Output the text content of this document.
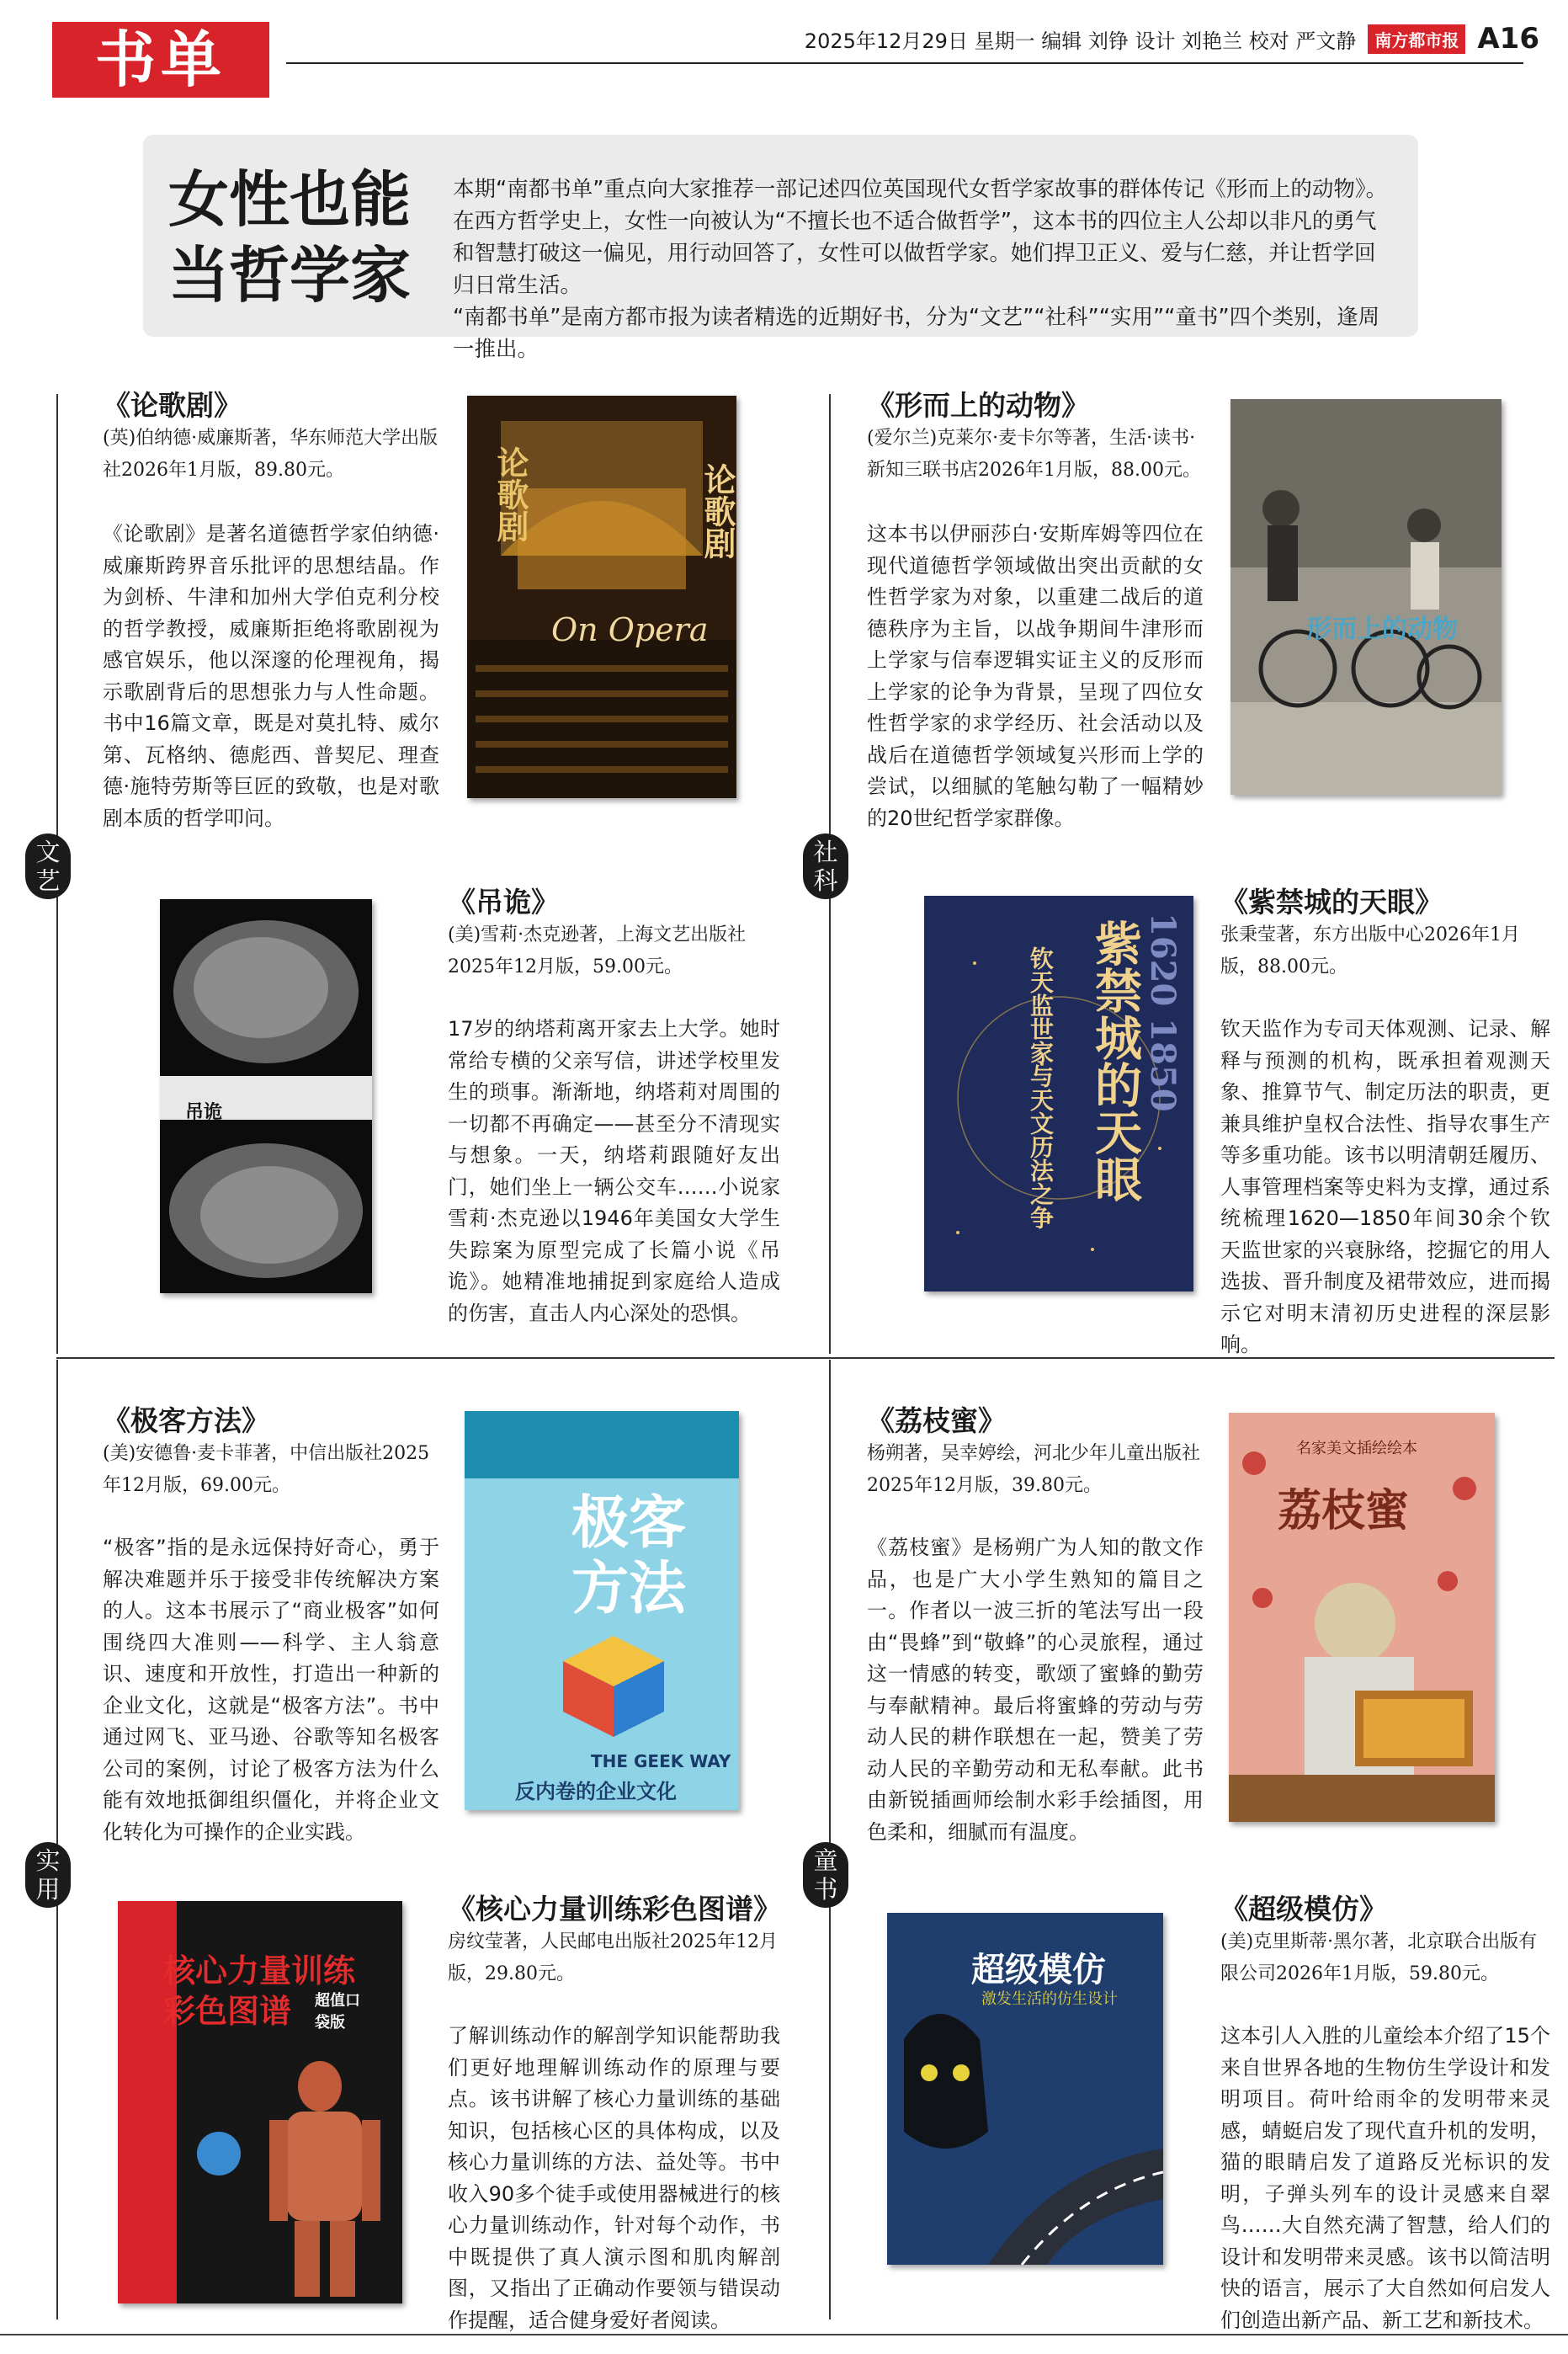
书单	2025年12月29日 星期一 编辑 刘铮 设计 刘艳兰 校对 严文静	南方都市报 A16
女性也能
当哲学家

本期“南都书单”重点向大家推荐一部记述四位英国现代女哲学家故事的群体传记《形而上的动物》。在西方哲学史上，女性一向被认为“不擅长也不适合做哲学”，这本书的四位主人公却以非凡的勇气和智慧打破这一偏见，用行动回答了，女性可以做哲学家。她们捍卫正义、爱与仁慈，并让哲学回归日常生活。

“南都书单”是南方都市报为读者精选的近期好书，分为“文艺”“社科”“实用”“童书”四个类别，逢周一推出。

文艺
社科
实用
童书
《论歌剧》
(英)伯纳德·威廉斯著，华东师范大学出版社2026年1月版，89.80元。

《论歌剧》是著名道德哲学家伯纳德·威廉斯跨界音乐批评的思想结晶。作为剑桥、牛津和加州大学伯克利分校的哲学教授，威廉斯拒绝将歌剧视为感官娱乐，他以深邃的伦理视角，揭示歌剧背后的思想张力与人性命题。书中16篇文章，既是对莫扎特、威尔第、瓦格纳、德彪西、普契尼、理查德·施特劳斯等巨匠的致敬，也是对歌剧本质的哲学叩问。

论歌剧	论歌剧
On Opera
《形而上的动物》
(爱尔兰)克莱尔·麦卡尔等著，生活·读书·新知三联书店2026年1月版，88.00元。

这本书以伊丽莎白·安斯库姆等四位在现代道德哲学领域做出突出贡献的女性哲学家为对象，以重建二战后的道德秩序为主旨，以战争期间牛津形而上学家与信奉逻辑实证主义的反形而上学家的论争为背景，呈现了四位女性哲学家的求学经历、社会活动以及战后在道德哲学领域复兴形而上学的尝试，以细腻的笔触勾勒了一幅精妙的20世纪哲学家群像。

形而上的动物
《吊诡》
(美)雪莉·杰克逊著，上海文艺出版社2025年12月版，59.00元。

17岁的纳塔莉离开家去上大学。她时常给专横的父亲写信，讲述学校里发生的琐事。渐渐地，纳塔莉对周围的一切都不再确定——甚至分不清现实与想象。一天，纳塔莉跟随好友出门，她们坐上一辆公交车……小说家雪莉·杰克逊以1946年美国女大学生失踪案为原型完成了长篇小说《吊诡》。她精准地捕捉到家庭给人造成的伤害，直击人内心深处的恐惧。

吊诡
《紫禁城的天眼》
张秉莹著，东方出版中心2026年1月版，88.00元。

钦天监作为专司天体观测、记录、解释与预测的机构，既承担着观测天象、推算节气、制定历法的职责，更兼具维护皇权合法性、指导农事生产等多重功能。该书以明清朝廷履历、人事管理档案等史料为支撑，通过系统梳理1620—1850年间30余个钦天监世家的兴衰脉络，挖掘它的用人选拔、晋升制度及裙带效应，进而揭示它对明末清初历史进程的深层影响。

紫禁城的天眼
钦天监世家与天文历法之争	1620 1850
《极客方法》
(美)安德鲁·麦卡菲著，中信出版社2025年12月版，69.00元。

“极客”指的是永远保持好奇心，勇于解决难题并乐于接受非传统解决方案的人。这本书展示了“商业极客”如何围绕四大准则——科学、主人翁意识、速度和开放性，打造出一种新的企业文化，这就是“极客方法”。书中通过网飞、亚马逊、谷歌等知名极客公司的案例，讨论了极客方法为什么能有效地抵御组织僵化，并将企业文化转化为可操作的企业实践。

极客方法
THE GEEK WAY
反内卷的企业文化
《荔枝蜜》
杨朔著，吴幸婷绘，河北少年儿童出版社2025年12月版，39.80元。

《荔枝蜜》是杨朔广为人知的散文作品，也是广大小学生熟知的篇目之一。作者以一波三折的笔法写出一段由“畏蜂”到“敬蜂”的心灵旅程，通过这一情感的转变，歌颂了蜜蜂的勤劳与奉献精神。最后将蜜蜂的劳动与劳动人民的耕作联想在一起，赞美了劳动人民的辛勤劳动和无私奉献。此书由新锐插画师绘制水彩手绘插图，用色柔和，细腻而有温度。

荔枝蜜
名家美文插绘绘本
《核心力量训练彩色图谱》
房纹莹著，人民邮电出版社2025年12月版，29.80元。

了解训练动作的解剖学知识能帮助我们更好地理解训练动作的原理与要点。该书讲解了核心力量训练的基础知识，包括核心区的具体构成，以及核心力量训练的方法、益处等。书中收入90多个徒手或使用器械进行的核心力量训练动作，针对每个动作，书中既提供了真人演示图和肌肉解剖图，又指出了正确动作要领与错误动作提醒，适合健身爱好者阅读。

核心力量训练
彩色图谱 超值口袋版
《超级模仿》
(美)克里斯蒂·黑尔著，北京联合出版有限公司2026年1月版，59.80元。

这本引人入胜的儿童绘本介绍了15个来自世界各地的生物仿生学设计和发明项目。荷叶给雨伞的发明带来灵感，蜻蜓启发了现代直升机的发明，猫的眼睛启发了道路反光标识的发明，子弹头列车的设计灵感来自翠鸟……大自然充满了智慧，给人们的设计和发明带来灵感。该书以简洁明快的语言，展示了大自然如何启发人们创造出新产品、新工艺和新技术。

超级模仿
激发生活的仿生设计
